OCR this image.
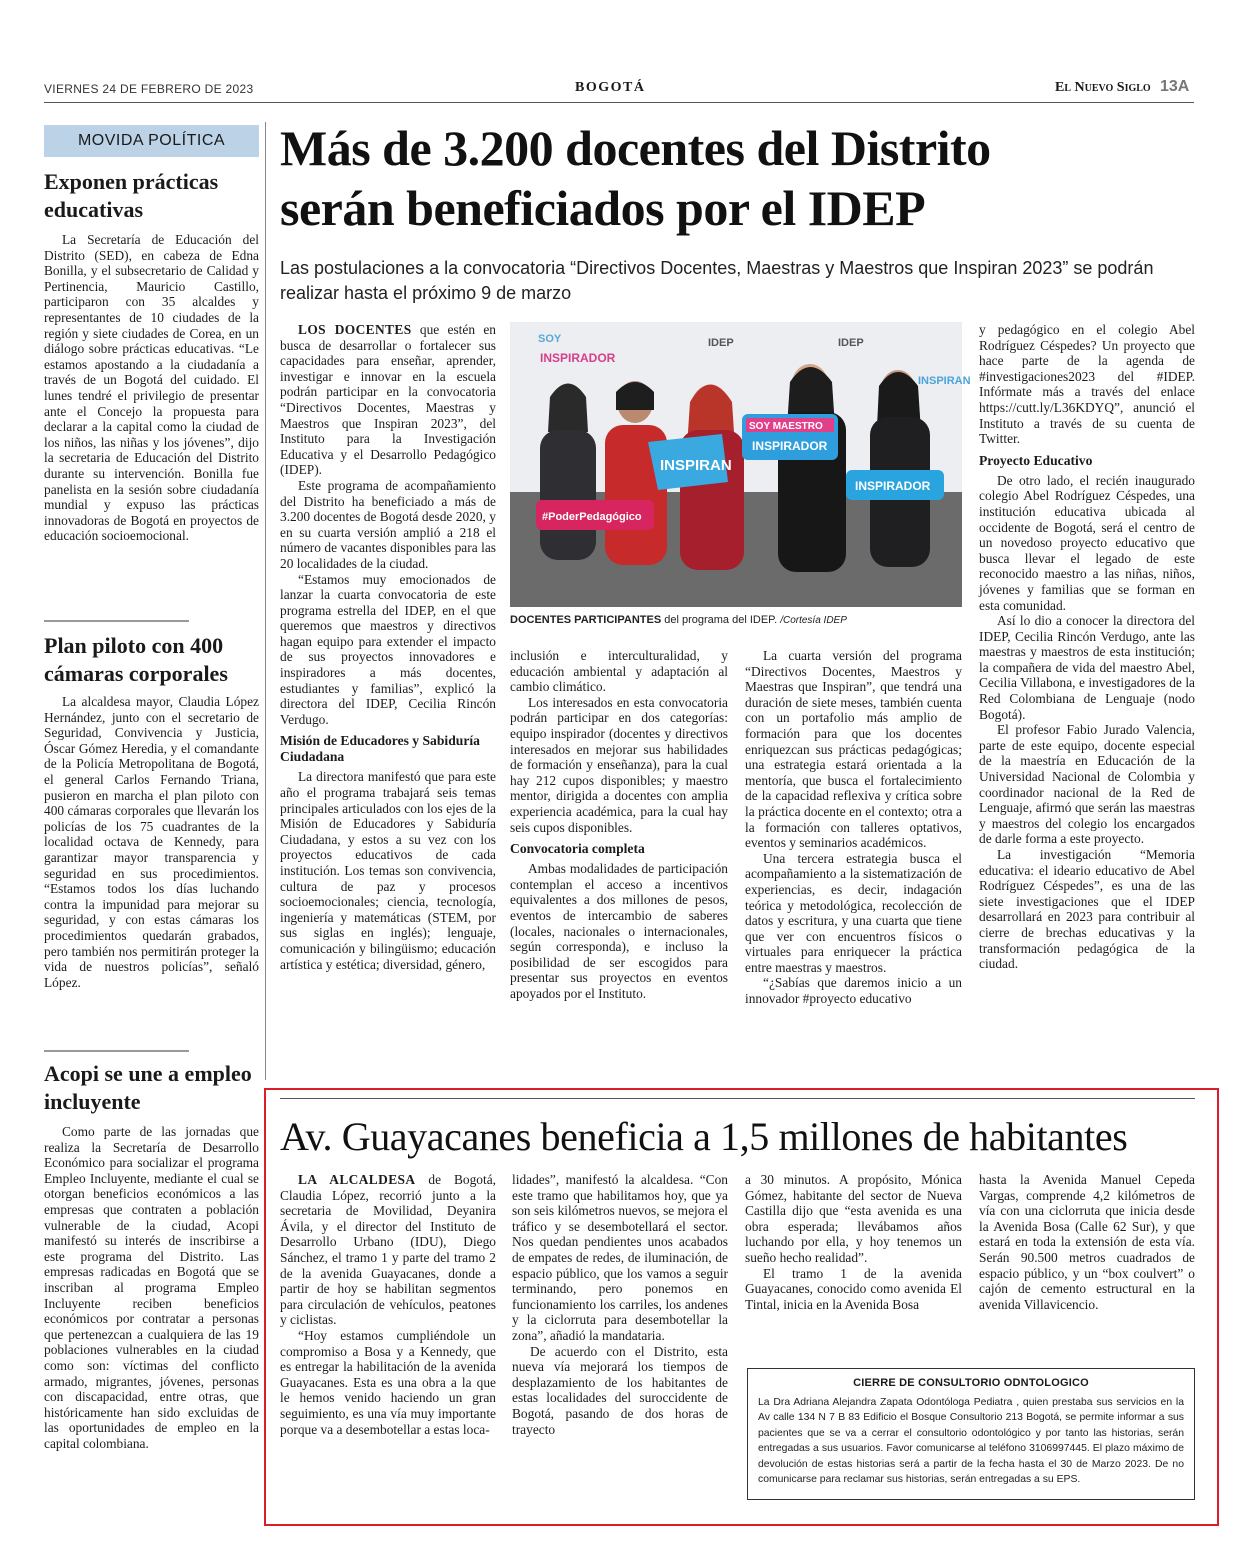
VIERNES 24 DE FEBRERO DE 2023	BOGOTÁ	El Nuevo Siglo 13A
MOVIDA POLÍTICA
Exponen prácticas educativas

La Secretaría de Educación del Distrito (SED), en cabeza de Edna Bonilla, y el subsecretario de Calidad y Pertinencia, Mauricio Castillo, participaron con 35 alcaldes y representantes de 10 ciudades de la región y siete ciudades de Corea, en un diálogo sobre prácticas educativas. “Le estamos apostando a la ciudadanía a través de un Bogotá del cuidado. El lunes tendré el privilegio de presentar ante el Concejo la propuesta para declarar a la capital como la ciudad de los niños, las niñas y los jóvenes”, dijo la secretaria de Educación del Distrito durante su intervención. Bonilla fue panelista en la sesión sobre ciudadanía mundial y expuso las prácticas innovadoras de Bogotá en proyectos de educación socioemocional.

Plan piloto con 400 cámaras corporales

La alcaldesa mayor, Claudia López Hernández, junto con el secretario de Seguridad, Convivencia y Justicia, Óscar Gómez Heredia, y el comandante de la Policía Metropolitana de Bogotá, el general Carlos Fernando Triana, pusieron en marcha el plan piloto con 400 cámaras corporales que llevarán los policías de los 75 cuadrantes de la localidad octava de Kennedy, para garantizar mayor transparencia y seguridad en sus procedimientos. “Estamos todos los días luchando contra la impunidad para mejorar su seguridad, y con estas cámaras los procedimientos quedarán grabados, pero también nos permitirán proteger la vida de nuestros policías”, señaló López.

Acopi se une a empleo incluyente

Como parte de las jornadas que realiza la Secretaría de Desarrollo Económico para socializar el programa Empleo Incluyente, mediante el cual se otorgan beneficios económicos a las empresas que contraten a población vulnerable de la ciudad, Acopi manifestó su interés de inscribirse a este programa del Distrito. Las empresas radicadas en Bogotá que se inscriban al programa Empleo Incluyente reciben beneficios económicos por contratar a personas que pertenezcan a cualquiera de las 19 poblaciones vulnerables en la ciudad como son: víctimas del conflicto armado, migrantes, jóvenes, personas con discapacidad, entre otras, que históricamente han sido excluidas de las oportunidades de empleo en la capital colombiana.

Más de 3.200 docentes del Distrito serán beneficiados por el IDEP
Las postulaciones a la convocatoria “Directivos Docentes, Maestras y Maestros que Inspiran 2023” se podrán realizar hasta el próximo 9 de marzo

LOS DOCENTES que estén en busca de desarrollar o fortalecer sus capacidades para enseñar, aprender, investigar e innovar en la escuela podrán participar en la convocatoria “Directivos Docentes, Maestras y Maestros que Inspiran 2023”, del Instituto para la Investigación Educativa y el Desarrollo Pedagógico (IDEP).

Este programa de acompañamiento del Distrito ha beneficiado a más de 3.200 docentes de Bogotá desde 2020, y en su cuarta versión amplió a 218 el número de vacantes disponibles para las 20 localidades de la ciudad.

“Estamos muy emocionados de lanzar la cuarta convocatoria de este programa estrella del IDEP, en el que queremos que maestros y directivos hagan equipo para extender el impacto de sus proyectos innovadores e inspiradores a más docentes, estudiantes y familias”, explicó la directora del IDEP, Cecilia Rincón Verdugo.

Misión de Educadores y Sabiduría Ciudadana

La directora manifestó que para este año el programa trabajará seis temas principales articulados con los ejes de la Misión de Educadores y Sabiduría Ciudadana, y estos a su vez con los proyectos educativos de cada institución. Los temas son convivencia, cultura de paz y procesos socioemocionales; ciencia, tecnología, ingeniería y matemáticas (STEM, por sus siglas en inglés); lenguaje, comunicación y bilingüismo; educación artística y estética; diversidad, género,

SOY
INSPIRADOR
IDEP	IDEP
INSPIRAN
INSPIRAN
SOY MAESTRO
INSPIRADOR
INSPIRADOR
#PoderPedagógico
DOCENTES PARTICIPANTES del programa del IDEP. /Cortesía IDEP

inclusión e interculturalidad, y educación ambiental y adaptación al cambio climático.

Los interesados en esta convocatoria podrán participar en dos categorías: equipo inspirador (docentes y directivos interesados en mejorar sus habilidades de formación y enseñanza), para la cual hay 212 cupos disponibles; y maestro mentor, dirigida a docentes con amplia experiencia académica, para la cual hay seis cupos disponibles.

Convocatoria completa

Ambas modalidades de participación contemplan el acceso a incentivos equivalentes a dos millones de pesos, eventos de intercambio de saberes (locales, nacionales o internacionales, según corresponda), e incluso la posibilidad de ser escogidos para presentar sus proyectos en eventos apoyados por el Instituto.

La cuarta versión del programa “Directivos Docentes, Maestros y Maestras que Inspiran”, que tendrá una duración de siete meses, también cuenta con un portafolio más amplio de formación para que los docentes enriquezcan sus prácticas pedagógicas; una estrategia estará orientada a la mentoría, que busca el fortalecimiento de la capacidad reflexiva y crítica sobre la práctica docente en el contexto; otra a la formación con talleres optativos, eventos y seminarios académicos.

Una tercera estrategia busca el acompañamiento a la sistematización de experiencias, es decir, indagación teórica y metodológica, recolección de datos y escritura, y una cuarta que tiene que ver con encuentros físicos o virtuales para enriquecer la práctica entre maestras y maestros.

“¿Sabías que daremos inicio a un innovador #proyecto educativo

y pedagógico en el colegio Abel Rodríguez Céspedes? Un proyecto que hace parte de la agenda de #investigaciones2023 del #IDEP. Infórmate más a través del enlace https://cutt.ly/L36KDYQ”, anunció el Instituto a través de su cuenta de Twitter.

Proyecto Educativo

De otro lado, el recién inaugurado colegio Abel Rodríguez Céspedes, una institución educativa ubicada al occidente de Bogotá, será el centro de un novedoso proyecto educativo que busca llevar el legado de este reconocido maestro a las niñas, niños, jóvenes y familias que se forman en esta comunidad.

Así lo dio a conocer la directora del IDEP, Cecilia Rincón Verdugo, ante las maestras y maestros de esta institución; la compañera de vida del maestro Abel, Cecilia Villabona, e investigadores de la Red Colombiana de Lenguaje (nodo Bogotá).

El profesor Fabio Jurado Valencia, parte de este equipo, docente especial de la maestría en Educación de la Universidad Nacional de Colombia y coordinador nacional de la Red de Lenguaje, afirmó que serán las maestras y maestros del colegio los encargados de darle forma a este proyecto.

La investigación “Memoria educativa: el ideario educativo de Abel Rodríguez Céspedes”, es una de las siete investigaciones que el IDEP desarrollará en 2023 para contribuir al cierre de brechas educativas y la transformación pedagógica de la ciudad.

Av. Guayacanes beneficia a 1,5 millones de habitantes

LA ALCALDESA de Bogotá, Claudia López, recorrió junto a la secretaria de Movilidad, Deyanira Ávila, y el director del Instituto de Desarrollo Urbano (IDU), Diego Sánchez, el tramo 1 y parte del tramo 2 de la avenida Guayacanes, donde a partir de hoy se habilitan segmentos para circulación de vehículos, peatones y ciclistas.

“Hoy estamos cumpliéndole un compromiso a Bosa y a Kennedy, que es entregar la habilitación de la avenida Guayacanes. Esta es una obra a la que le hemos venido haciendo un gran seguimiento, es una vía muy importante porque va a desembotellar a estas loca-

lidades”, manifestó la alcaldesa. “Con este tramo que habilitamos hoy, que ya son seis kilómetros nuevos, se mejora el tráfico y se desembotellará el sector. Nos quedan pendientes unos acabados de empates de redes, de iluminación, de espacio público, que los vamos a seguir terminando, pero ponemos en funcionamiento los carriles, los andenes y la ciclorruta para desembotellar la zona”, añadió la mandataria.

De acuerdo con el Distrito, esta nueva vía mejorará los tiempos de desplazamiento de los habitantes de estas localidades del suroccidente de Bogotá, pasando de dos horas de trayecto

a 30 minutos. A propósito, Mónica Gómez, habitante del sector de Nueva Castilla dijo que “esta avenida es una obra esperada; llevábamos años luchando por ella, y hoy tenemos un sueño hecho realidad”.

El tramo 1 de la avenida Guayacanes, conocido como avenida El Tintal, inicia en la Avenida Bosa

hasta la Avenida Manuel Cepeda Vargas, comprende 4,2 kilómetros de vía con una ciclorruta que inicia desde la Avenida Bosa (Calle 62 Sur), y que estará en toda la extensión de esta vía. Serán 90.500 metros cuadrados de espacio público, y un “box coulvert” o cajón de cemento estructural en la avenida Villavicencio.

CIERRE DE CONSULTORIO ODNTOLOGICO
La Dra Adriana Alejandra Zapata Odontóloga Pediatra , quien prestaba sus servicios en la Av calle 134 N 7 B 83 Edificio el Bosque Consultorio 213 Bogotá, se permite informar a sus pacientes que se va a cerrar el consultorio odontológico y por tanto las historias, serán entregadas a sus usuarios. Favor comunicarse al teléfono 3106997445. El plazo máximo de devolución de estas historias será a partir de la fecha hasta el 30 de Marzo 2023. De no comunicarse para reclamar sus historias, serán entregadas a su EPS.
